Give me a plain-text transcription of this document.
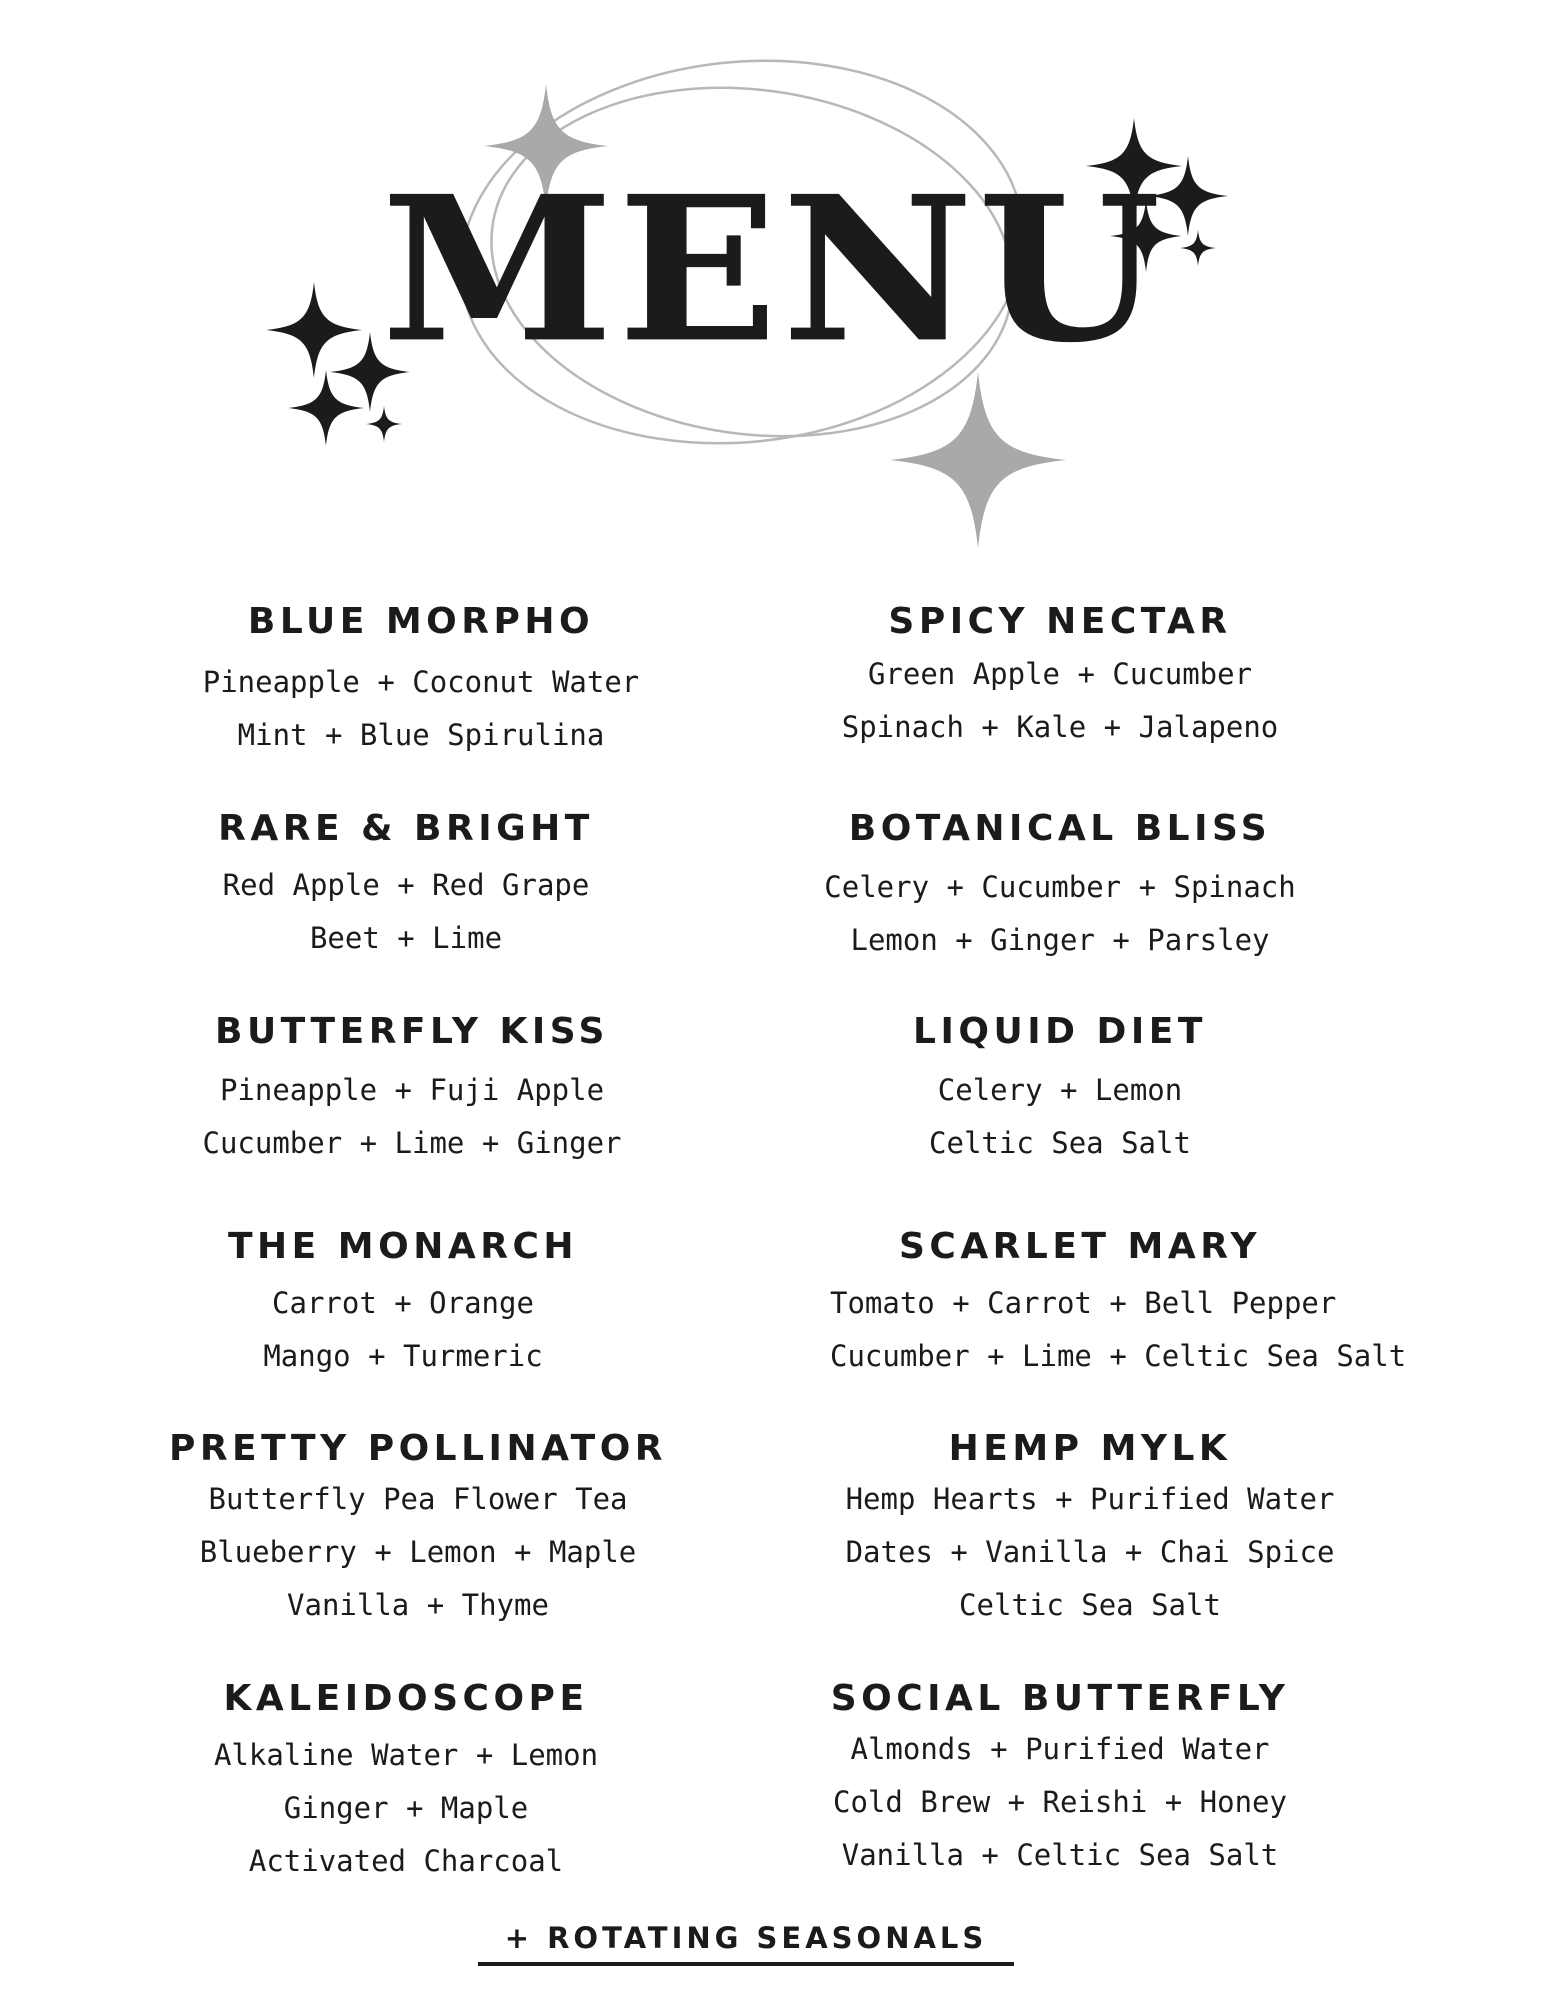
MENU
BLUE MORPHO
Pineapple + Coconut Water
Mint + Blue Spirulina
SPICY NECTAR
Green Apple + Cucumber
Spinach + Kale + Jalapeno
RARE & BRIGHT
Red Apple + Red Grape
Beet + Lime
BOTANICAL BLISS
Celery + Cucumber + Spinach
Lemon + Ginger + Parsley
BUTTERFLY KISS
Pineapple + Fuji Apple
Cucumber + Lime + Ginger
LIQUID DIET
Celery + Lemon
Celtic Sea Salt
THE MONARCH
Carrot + Orange
Mango + Turmeric
SCARLET MARY
Tomato + Carrot + Bell Pepper
Cucumber + Lime + Celtic Sea Salt
PRETTY POLLINATOR
Butterfly Pea Flower Tea
Blueberry + Lemon + Maple
Vanilla + Thyme
HEMP MYLK
Hemp Hearts + Purified Water
Dates + Vanilla + Chai Spice
Celtic Sea Salt
KALEIDOSCOPE
Alkaline Water + Lemon
Ginger + Maple
Activated Charcoal
SOCIAL BUTTERFLY
Almonds + Purified Water
Cold Brew + Reishi + Honey
Vanilla + Celtic Sea Salt
+ ROTATING SEASONALS
